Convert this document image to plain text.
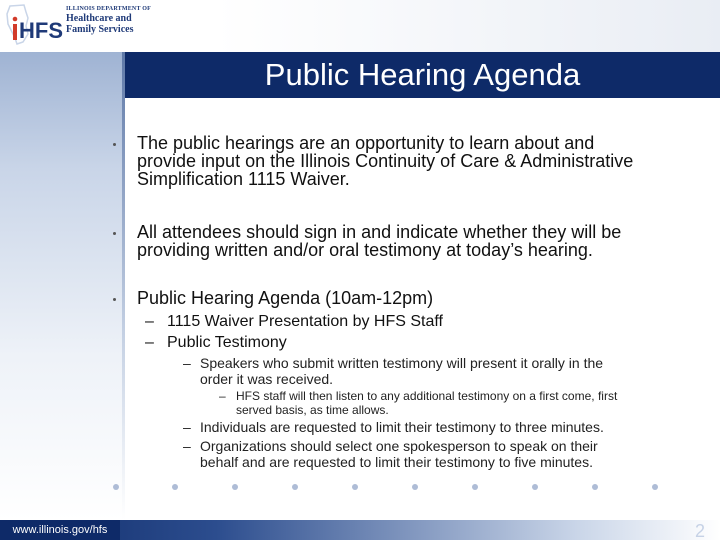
HFS
ILLINOIS DEPARTMENT OF
Healthcare and
Family Services
Public Hearing Agenda
The public hearings are an opportunity to learn about and
provide input on the Illinois Continuity of Care & Administrative
Simplification 1115 Waiver.
All attendees should sign in and indicate whether they will be
providing written and/or oral testimony at today’s hearing.
Public Hearing Agenda (10am-12pm)
– 1115 Waiver Presentation by HFS Staff
– Public Testimony
– Speakers who submit written testimony will present it orally in the
order it was received.
– HFS staff will then listen to any additional testimony on a first come, first
served basis, as time allows.
– Individuals are requested to limit their testimony to three minutes.
– Organizations should select one spokesperson to speak on their
behalf and are requested to limit their testimony to five minutes.
www.illinois.gov/hfs	2
